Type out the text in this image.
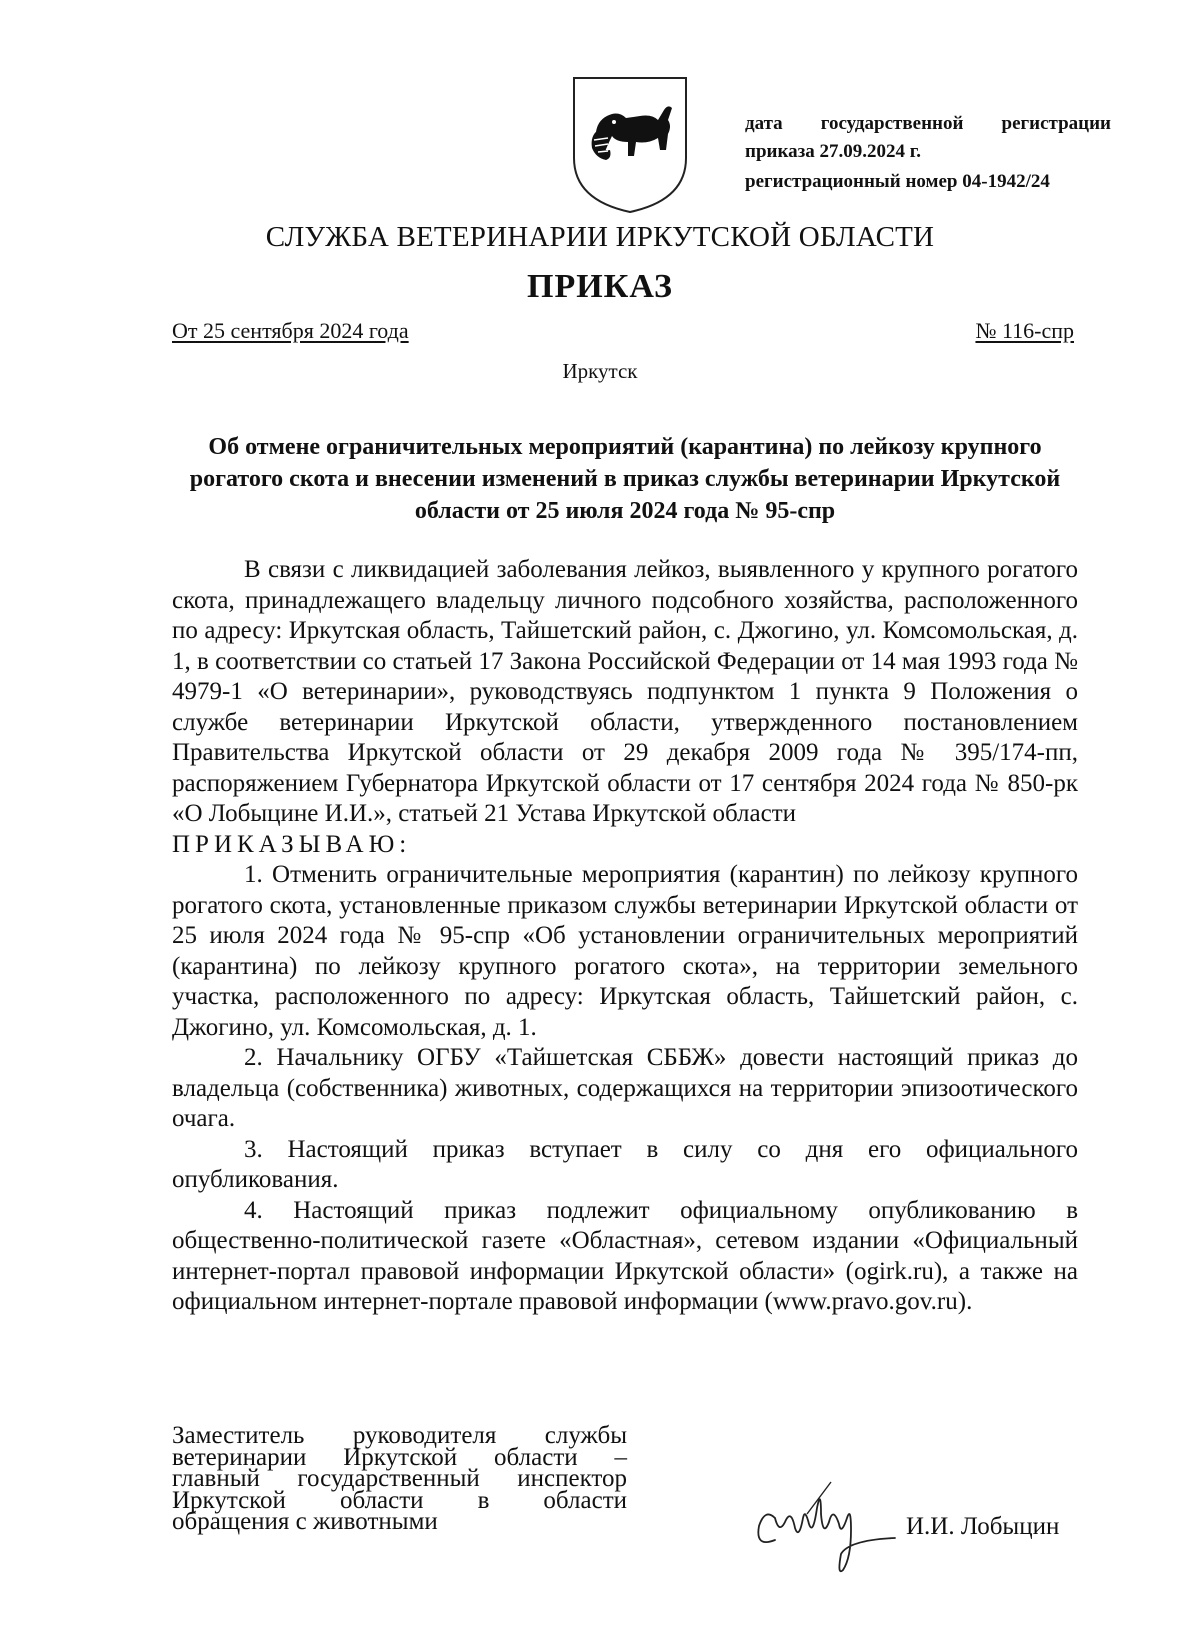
дата государственной регистрации
приказа 27.09.2024 г.
регистрационный номер 04-1942/24
СЛУЖБА ВЕТЕРИНАРИИ ИРКУТСКОЙ ОБЛАСТИ
ПРИКАЗ
От 25 сентября 2024 года	№ 116-спр
Иркутск
Об отмене ограничительных мероприятий (карантина) по лейкозу крупного рогатого скота и внесении изменений в приказ службы ветеринарии Иркутской области от 25 июля 2024 года № 95-спр

В связи с ликвидацией заболевания лейкоз, выявленного у крупного рогатого скота, принадлежащего владельцу личного подсобного хозяйства, расположенного по адресу: Иркутская область, Тайшетский район, с. Джогино, ул. Комсомольская, д. 1, в соответствии со статьей 17 Закона Российской Федерации от 14 мая 1993 года № 4979-1 «О ветеринарии», руководствуясь подпунктом 1 пункта 9 Положения о службе ветеринарии Иркутской области, утвержденного постановлением Правительства Иркутской области от 29 декабря 2009 года № 395/174-пп, распоряжением Губернатора Иркутской области от 17 сентября 2024 года № 850-рк «О Лобыцине И.И.», статьей 21 Устава Иркутской области

ПРИКАЗЫВАЮ:

1. Отменить ограничительные мероприятия (карантин) по лейкозу крупного рогатого скота, установленные приказом службы ветеринарии Иркутской области от 25 июля 2024 года № 95-спр «Об установлении ограничительных мероприятий (карантина) по лейкозу крупного рогатого скота», на территории земельного участка, расположенного по адресу: Иркутская область, Тайшетский район, с. Джогино, ул. Комсомольская, д. 1.

2. Начальнику ОГБУ «Тайшетская СББЖ» довести настоящий приказ до владельца (собственника) животных, содержащихся на территории эпизоотического очага.

3. Настоящий приказ вступает в силу со дня его официального опубликования.

4. Настоящий приказ подлежит официальному опубликованию в общественно-политической газете «Областная», сетевом издании «Официальный интернет-портал правовой информации Иркутской области» (ogirk.ru), а также на официальном интернет-портале правовой информации (www.pravo.gov.ru).

Заместитель руководителя службы
ветеринарии Иркутской области –
главный государственный инспектор
Иркутской области в области
обращения с животными	И.И. Лобыцин
